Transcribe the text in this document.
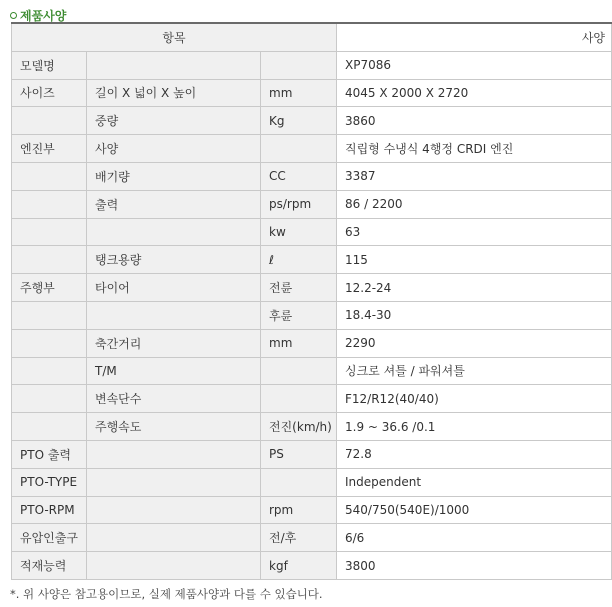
제품사양
항목			사양
모델명			XP7086
사이즈	길이 X 넓이 X 높이	mm	4045 X 2000 X 2720
	중량	Kg	3860
엔진부	사양		직립형 수냉식 4행정 CRDI 엔진
	배기량	CC	3387
	출력	ps/rpm	86 / 2200
		kw	63
	탱크용량	ℓ	115
주행부	타이어	전륜	12.2-24
		후륜	18.4-30
	축간거리	mm	2290
	T/M		싱크로 셔틀 / 파워셔틀
	변속단수		F12/R12(40/40)
	주행속도	전진(km/h)	1.9 ~ 36.6 /0.1
PTO 출력		PS	72.8
PTO-TYPE			Independent
PTO-RPM		rpm	540/750(540E)/1000
유압인출구		전/후	6/6
적재능력		kgf	3800
*. 위 사양은 참고용이므로, 실제 제품사양과 다를 수 있습니다.
